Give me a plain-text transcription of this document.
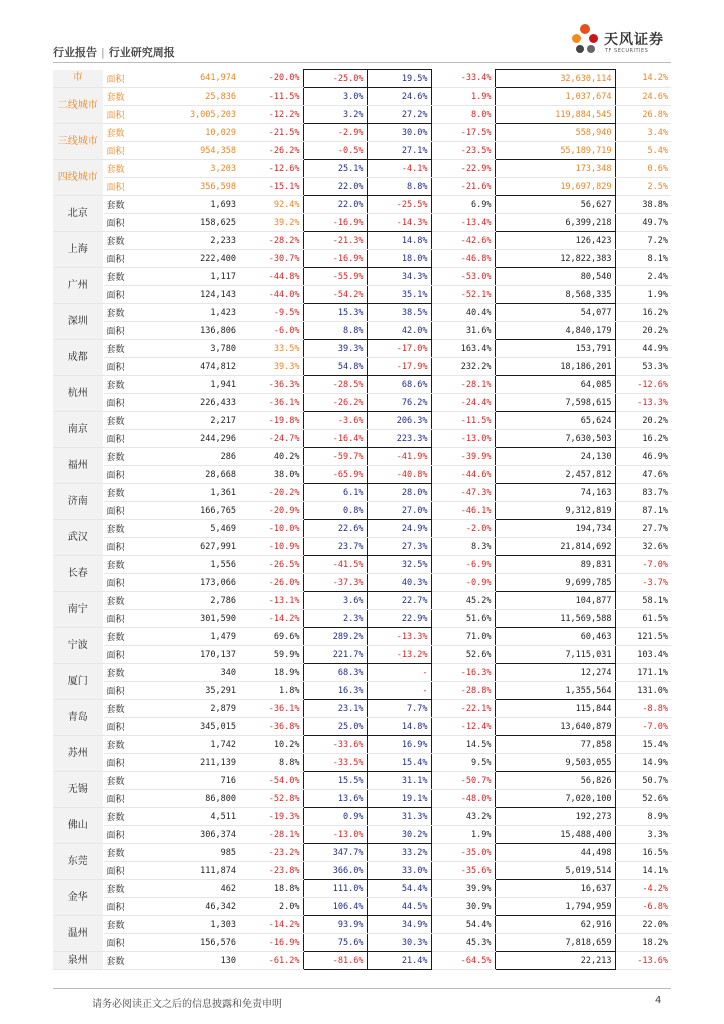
行业报告 | 行业研究周报
天风证券
TF SECURITIES
市	面积	641,974	-20.0%	-25.0%	19.5%	-33.4%	32,630,114	14.2%
二线城市	套数	25,836	-11.5%	3.0%	24.6%	1.9%	1,037,674	24.6%
	面积	3,005,203	-12.2%	3.2%	27.2%	8.0%	119,884,545	26.8%
三线城市	套数	10,029	-21.5%	-2.9%	30.0%	-17.5%	558,940	3.4%
	面积	954,358	-26.2%	-0.5%	27.1%	-23.5%	55,189,719	5.4%
四线城市	套数	3,203	-12.6%	25.1%	-4.1%	-22.9%	173,348	0.6%
	面积	356,598	-15.1%	22.0%	8.8%	-21.6%	19,697,829	2.5%
北京	套数	1,693	92.4%	22.0%	-25.5%	6.9%	56,627	38.8%
	面积	158,625	39.2%	-16.9%	-14.3%	-13.4%	6,399,218	49.7%
上海	套数	2,233	-28.2%	-21.3%	14.8%	-42.6%	126,423	7.2%
	面积	222,400	-30.7%	-16.9%	18.0%	-46.8%	12,822,383	8.1%
广州	套数	1,117	-44.8%	-55.9%	34.3%	-53.0%	80,540	2.4%
	面积	124,143	-44.0%	-54.2%	35.1%	-52.1%	8,568,335	1.9%
深圳	套数	1,423	-9.5%	15.3%	38.5%	40.4%	54,077	16.2%
	面积	136,806	-6.0%	8.8%	42.0%	31.6%	4,840,179	20.2%
成都	套数	3,780	33.5%	39.3%	-17.0%	163.4%	153,791	44.9%
	面积	474,812	39.3%	54.8%	-17.9%	232.2%	18,186,201	53.3%
杭州	套数	1,941	-36.3%	-28.5%	68.6%	-28.1%	64,085	-12.6%
	面积	226,433	-36.1%	-26.2%	76.2%	-24.4%	7,598,615	-13.3%
南京	套数	2,217	-19.8%	-3.6%	206.3%	-11.5%	65,624	20.2%
	面积	244,296	-24.7%	-16.4%	223.3%	-13.0%	7,630,503	16.2%
福州	套数	286	40.2%	-59.7%	-41.9%	-39.9%	24,130	46.9%
	面积	28,668	38.0%	-65.9%	-40.8%	-44.6%	2,457,812	47.6%
济南	套数	1,361	-20.2%	6.1%	28.0%	-47.3%	74,163	83.7%
	面积	166,765	-20.9%	0.8%	27.0%	-46.1%	9,312,819	87.1%
武汉	套数	5,469	-10.0%	22.6%	24.9%	-2.0%	194,734	27.7%
	面积	627,991	-10.9%	23.7%	27.3%	8.3%	21,814,692	32.6%
长春	套数	1,556	-26.5%	-41.5%	32.5%	-6.9%	89,831	-7.0%
	面积	173,066	-26.0%	-37.3%	40.3%	-0.9%	9,699,785	-3.7%
南宁	套数	2,786	-13.1%	3.6%	22.7%	45.2%	104,877	58.1%
	面积	301,590	-14.2%	2.3%	22.9%	51.6%	11,569,588	61.5%
宁波	套数	1,479	69.6%	289.2%	-13.3%	71.0%	60,463	121.5%
	面积	170,137	59.9%	221.7%	-13.2%	52.6%	7,115,031	103.4%
厦门	套数	340	18.9%	68.3%	-	-16.3%	12,274	171.1%
	面积	35,291	1.8%	16.3%	-	-28.8%	1,355,564	131.0%
青岛	套数	2,879	-36.1%	23.1%	7.7%	-22.1%	115,844	-8.8%
	面积	345,015	-36.8%	25.0%	14.8%	-12.4%	13,640,879	-7.0%
苏州	套数	1,742	10.2%	-33.6%	16.9%	14.5%	77,858	15.4%
	面积	211,139	8.8%	-33.5%	15.4%	9.5%	9,503,055	14.9%
无锡	套数	716	-54.0%	15.5%	31.1%	-50.7%	56,826	50.7%
	面积	86,800	-52.8%	13.6%	19.1%	-48.0%	7,020,100	52.6%
佛山	套数	4,511	-19.3%	0.9%	31.3%	43.2%	192,273	8.9%
	面积	306,374	-28.1%	-13.0%	30.2%	1.9%	15,488,400	3.3%
东莞	套数	985	-23.2%	347.7%	33.2%	-35.0%	44,498	16.5%
	面积	111,874	-23.8%	366.0%	33.0%	-35.6%	5,019,514	14.1%
金华	套数	462	18.8%	111.0%	54.4%	39.9%	16,637	-4.2%
	面积	46,342	2.0%	106.4%	44.5%	30.9%	1,794,959	-6.8%
温州	套数	1,303	-14.2%	93.9%	34.9%	54.4%	62,916	22.0%
	面积	156,576	-16.9%	75.6%	30.3%	45.3%	7,818,659	18.2%
泉州	套数	130	-61.2%	-81.6%	21.4%	-64.5%	22,213	-13.6%
请务必阅读正文之后的信息披露和免责申明	4
